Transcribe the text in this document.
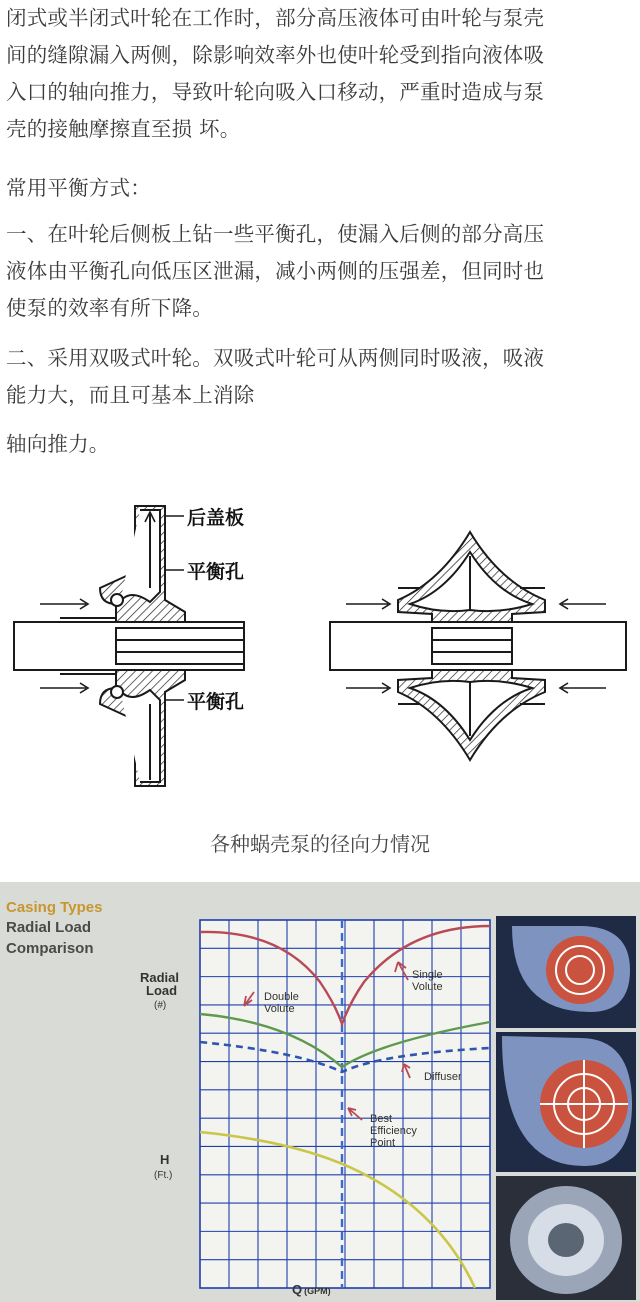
闭式或半闭式叶轮在工作时，部分高压液体可由叶轮与泵壳
间的缝隙漏入两侧，除影响效率外也使叶轮受到指向液体吸
入口的轴向推力，导致叶轮向吸入口移动，严重时造成与泵
壳的接触摩擦直至损 坏。
常用平衡方式：
一、在叶轮后侧板上钻一些平衡孔，使漏入后侧的部分高压
液体由平衡孔向低压区泄漏，减小两侧的压强差，但同时也
使泵的效率有所下降。
二、采用双吸式叶轮。双吸式叶轮可从两侧同时吸液，吸液
能力大，而且可基本上消除
轴向推力。
后盖板
平衡孔
平衡孔
各种蜗壳泵的径向力情况
Casing Types
Radial Load
Comparison
Radial
Load
(#)
H
(Ft.)
Q (GPM)
Single
Volute
Double
Volute
Diffuser
Best
Efficiency
Point
